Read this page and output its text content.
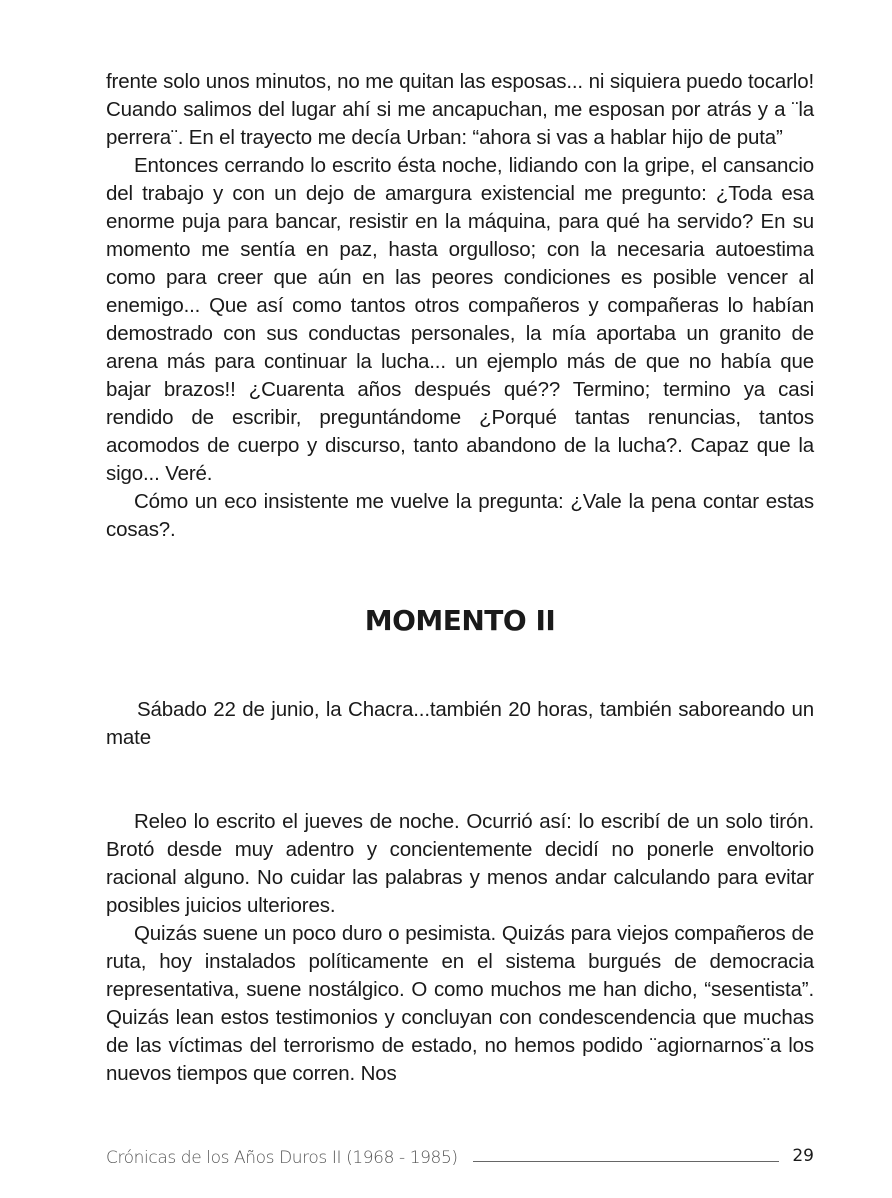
frente solo unos minutos, no me quitan las esposas... ni siquiera puedo tocarlo! Cuando salimos del lugar ahí si me ancapuchan, me esposan por atrás y a ¨la perrera¨. En el trayecto me decía Urban: “ahora si vas a hablar hijo de puta”

Entonces cerrando lo escrito ésta noche, lidiando con la gripe, el cansancio del trabajo y con un dejo de amargura existencial me pregunto: ¿Toda esa enorme puja para bancar, resistir en la máquina, para qué ha servido? En su momento me sentía en paz, hasta orgulloso; con la necesaria autoestima como para creer que aún en las peores condiciones es posible vencer al enemigo... Que así como tantos otros compañeros y compañeras lo habían demostrado con sus conductas personales, la mía aportaba un granito de arena más para continuar la lucha... un ejemplo más de que no había que bajar brazos!! ¿Cuarenta años después qué?? Termino; termino ya casi rendido de escribir, preguntándome ¿Porqué tantas renuncias, tantos acomodos de cuerpo y discurso, tanto abandono de la lucha?. Capaz que la sigo... Veré.

Cómo un eco insistente me vuelve la pregunta: ¿Vale la pena contar estas cosas?.

MOMENTO II

Sábado 22 de junio, la Chacra...también 20 horas, también saboreando un mate

Releo lo escrito el jueves de noche. Ocurrió así: lo escribí de un solo tirón. Brotó desde muy adentro y concientemente decidí no ponerle envoltorio racional alguno. No cuidar las palabras y menos andar calculando para evitar posibles juicios ulteriores.

Quizás suene un poco duro o pesimista. Quizás para viejos compañeros de ruta, hoy instalados políticamente en el sistema burgués de democracia representativa, suene nostálgico. O como muchos me han dicho, “sesentista”. Quizás lean estos testimonios y concluyan con condescendencia que muchas de las víctimas del terrorismo de estado, no hemos podido ¨agiornarnos¨a los nuevos tiempos que corren. Nos

Crónicas de los Años Duros II (1968 - 1985)	29
